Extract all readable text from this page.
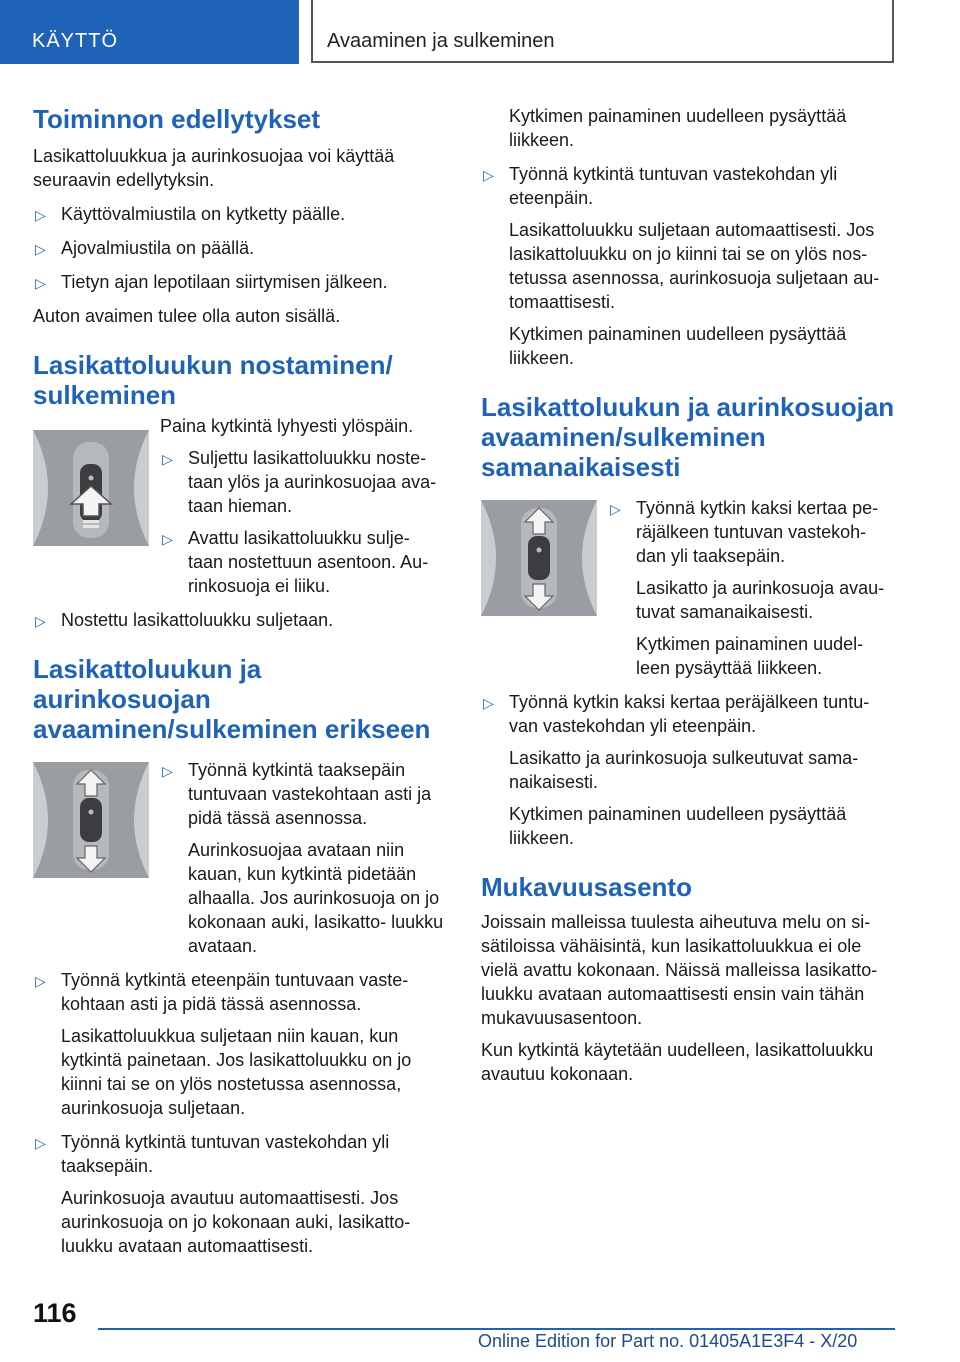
KÄYTTÖ	Avaaminen ja sulkeminen
Toiminnon edellytykset

Lasikattoluukkua ja aurinkosuojaa voi käyttää seuraavin edellytyksin.

▷ Käyttövalmiustila on kytketty päälle.
▷ Ajovalmiustila on päällä.
▷ Tietyn ajan lepotilaan siirtymisen jälkeen.

Auton avaimen tulee olla auton sisällä.

Lasikattoluukun nostaminen/ sulkeminen

Paina kytkintä lyhyesti ylöspäin.

▷ Suljettu lasikattoluukku noste- taan ylös ja aurinkosuojaa ava- taan hieman.
▷ Avattu lasikattoluukku sulje- taan nostettuun asentoon. Au- rinkosuoja ei liiku.
▷ Nostettu lasikattoluukku suljetaan.
Lasikattoluukun ja aurinkosuojan avaaminen/sulkeminen erikseen
▷ Työnnä kytkintä taaksepäin tuntuvaan vastekohtaan asti ja pidä tässä asennossa.
Aurinkosuojaa avataan niin kauan, kun kytkintä pidetään alhaalla. Jos aurinkosuoja on jo kokonaan auki, lasikatto- luukku avataan.
▷ Työnnä kytkintä eteenpäin tuntuvaan vaste- kohtaan asti ja pidä tässä asennossa.
Lasikattoluukkua suljetaan niin kauan, kun kytkintä painetaan. Jos lasikattoluukku on jo kiinni tai se on ylös nostetussa asennossa, aurinkosuoja suljetaan.
▷ Työnnä kytkintä tuntuvan vastekohdan yli taaksepäin.
Aurinkosuoja avautuu automaattisesti. Jos aurinkosuoja on jo kokonaan auki, lasikatto- luukku avataan automaattisesti.
Kytkimen painaminen uudelleen pysäyttää liikkeen.
▷ Työnnä kytkintä tuntuvan vastekohdan yli eteenpäin.
Lasikattoluukku suljetaan automaattisesti. Jos lasikattoluukku on jo kiinni tai se on ylös nos- tetussa asennossa, aurinkosuoja suljetaan au- tomaattisesti.
Kytkimen painaminen uudelleen pysäyttää liikkeen.
Lasikattoluukun ja aurinkosuojan avaaminen/sulkeminen samanaikaisesti
▷ Työnnä kytkin kaksi kertaa pe- räjälkeen tuntuvan vastekoh- dan yli taaksepäin.
Lasikatto ja aurinkosuoja avau- tuvat samanaikaisesti.
Kytkimen painaminen uudel- leen pysäyttää liikkeen.
▷ Työnnä kytkin kaksi kertaa peräjälkeen tuntu- van vastekohdan yli eteenpäin.
Lasikatto ja aurinkosuoja sulkeutuvat sama- naikaisesti.
Kytkimen painaminen uudelleen pysäyttää liikkeen.
Mukavuusasento

Joissain malleissa tuulesta aiheutuva melu on si- sätiloissa vähäisintä, kun lasikattoluukkua ei ole vielä avattu kokonaan. Näissä malleissa lasikatto- luukku avataan automaattisesti ensin vain tähän mukavuusasentoon.

Kun kytkintä käytetään uudelleen, lasikattoluukku avautuu kokonaan.

116
Online Edition for Part no. 01405A1E3F4 - X/20
